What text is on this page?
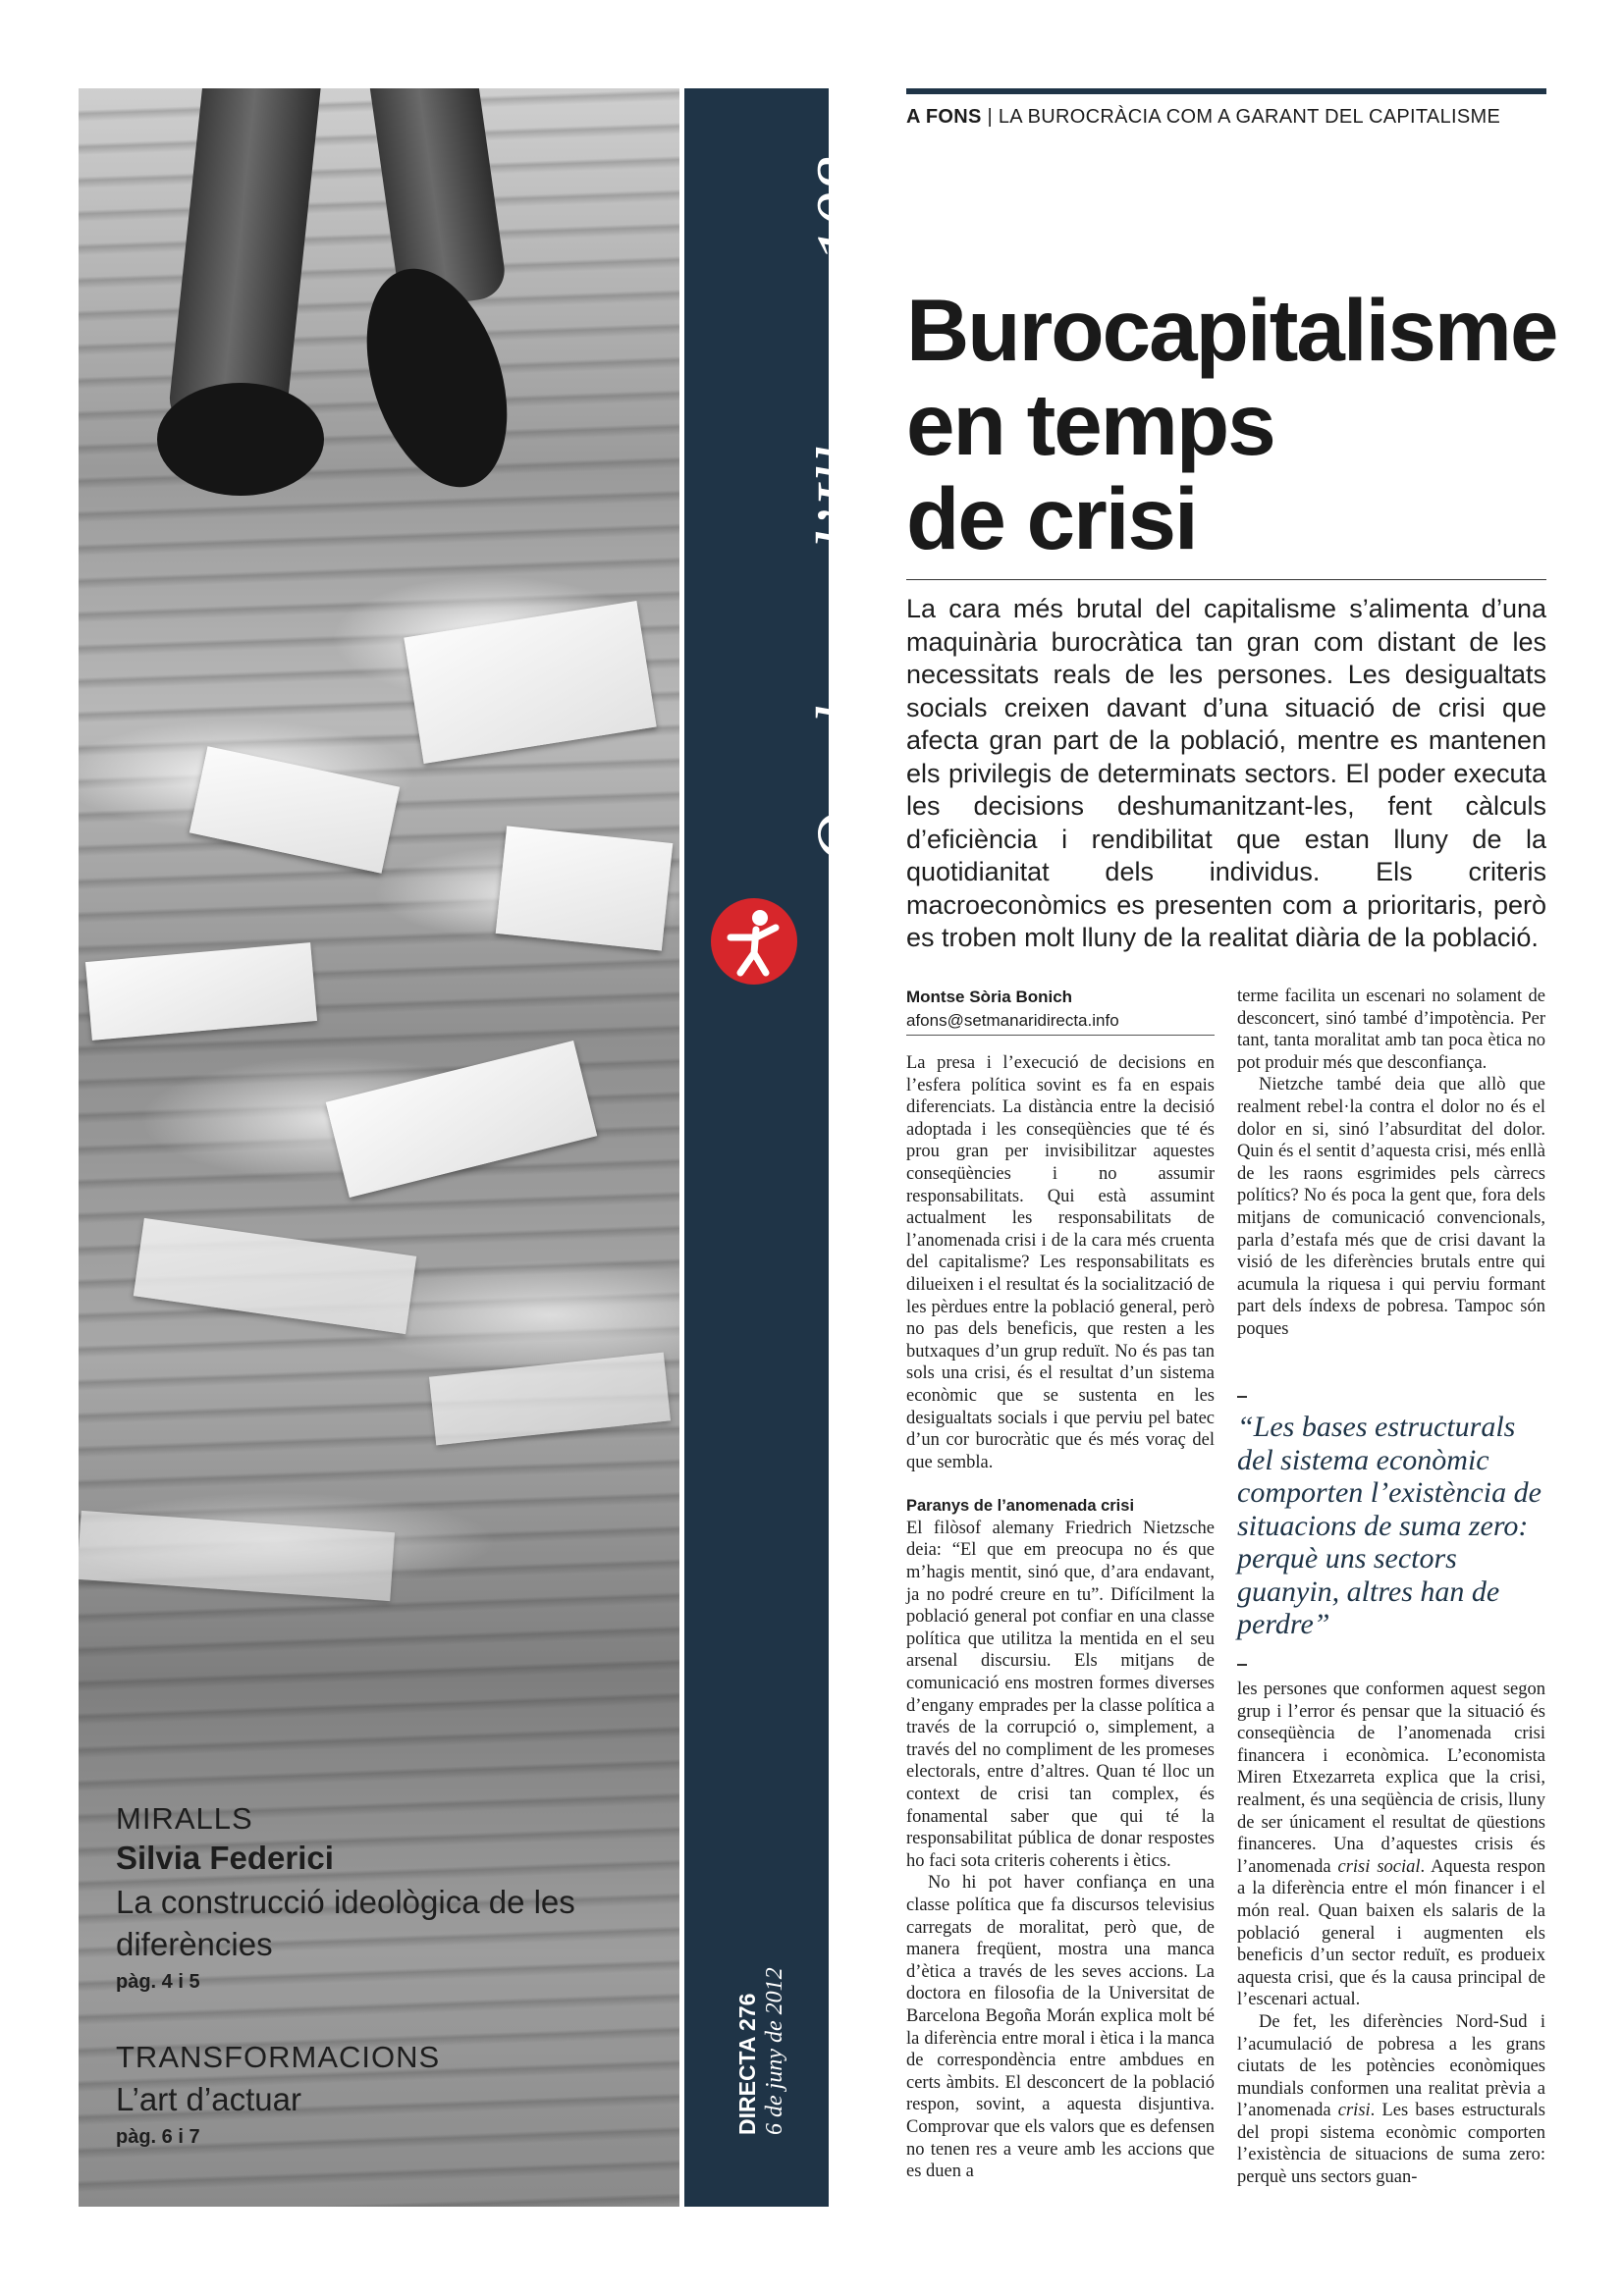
MIRALLS
Silvia Federici
La construcció ideològica de les diferències
pàg. 4 i 5
TRANSFORMACIONS
L’art d’actuar
pàg. 6 i 7
Quaderns d’Illacrua 108
DIRECTA 276 6 de juny de 2012
A FONS | LA BUROCRÀCIA COM A GARANT DEL CAPITALISME
Burocapitalisme
en temps
de crisi

La cara més brutal del capitalisme s’alimenta d’una maquinària burocràtica tan gran com distant de les necessitats reals de les persones. Les desigualtats socials creixen davant d’una situació de crisi que afecta gran part de la població, mentre es mantenen els privilegis de determinats sectors. El poder executa les decisions deshumanitzant-les, fent càlculs d’eficiència i rendibilitat que estan lluny de la quotidianitat dels individus. Els criteris macroeconòmics es presenten com a prioritaris, però es troben molt lluny de la realitat diària de la població.

Montse Sòria Bonich
afons@setmanaridirecta.info

La presa i l’execució de decisions en l’esfera política sovint es fa en espais diferenciats. La distància entre la decisió adoptada i les conseqüències que té és prou gran per invisibilitzar aquestes conseqüències i no assumir responsabilitats. Qui està assumint actualment les responsabilitats de l’anomenada crisi i de la cara més cruenta del capitalisme? Les responsabilitats es dilueixen i el resultat és la socialització de les pèrdues entre la població general, però no pas dels beneficis, que resten a les butxaques d’un grup reduït. No és pas tan sols una crisi, és el resultat d’un sistema econòmic que se sustenta en les desigualtats socials i que perviu pel batec d’un cor burocràtic que és més voraç del que sembla.

Paranys de l’anomenada crisi

El filòsof alemany Friedrich Nietzsche deia: “El que em preocupa no és que m’hagis mentit, sinó que, d’ara endavant, ja no podré creure en tu”. Difícilment la població general pot confiar en una classe política que utilitza la mentida en el seu arsenal discursiu. Els mitjans de comunicació ens mostren formes diverses d’engany emprades per la classe política a través de la corrupció o, simplement, a través del no compliment de les promeses electorals, entre d’altres. Quan té lloc un context de crisi tan complex, és fonamental saber que qui té la responsabilitat pública de donar respostes ho faci sota criteris coherents i ètics.

No hi pot haver confiança en una classe política que fa discursos televisius carregats de moralitat, però que, de manera freqüent, mostra una manca d’ètica a través de les seves accions. La doctora en filosofia de la Universitat de Barcelona Begoña Morán explica molt bé la diferència entre moral i ètica i la manca de correspondència entre ambdues en certs àmbits. El desconcert de la població respon, sovint, a aquesta disjuntiva. Comprovar que els valors que es defensen no tenen res a veure amb les accions que es duen a

terme facilita un escenari no solament de desconcert, sinó també d’impotència. Per tant, tanta moralitat amb tan poca ètica no pot produir més que desconfiança.

Nietzche també deia que allò que realment rebel·la contra el dolor no és el dolor en si, sinó l’absurditat del dolor. Quin és el sentit d’aquesta crisi, més enllà de les raons esgrimides pels càrrecs polítics? No és poca la gent que, fora dels mitjans de comunicació convencionals, parla d’estafa més que de crisi davant la visió de les diferències brutals entre qui acumula la riquesa i qui perviu formant part dels índexs de pobresa. Tampoc són poques

“Les bases estructurals del sistema econòmic comporten l’existència de situacions de suma zero: perquè uns sectors guanyin, altres han de perdre”

les persones que conformen aquest segon grup i l’error és pensar que la situació és conseqüència de l’anomenada crisi financera i econòmica. L’economista Miren Etxezarreta explica que la crisi, realment, és una seqüència de crisis, lluny de ser únicament el resultat de qüestions financeres. Una d’aquestes crisis és l’anomenada crisi social. Aquesta respon a la diferència entre el món financer i el món real. Quan baixen els salaris de la població general i augmenten els beneficis d’un sector reduït, es produeix aquesta crisi, que és la causa principal de l’escenari actual.

De fet, les diferències Nord-Sud i l’acumulació de pobresa a les grans ciutats de les potències econòmiques mundials conformen una realitat prèvia a l’anomenada crisi. Les bases estructurals del propi sistema econòmic comporten l’existència de situacions de suma zero: perquè uns sectors guan-
